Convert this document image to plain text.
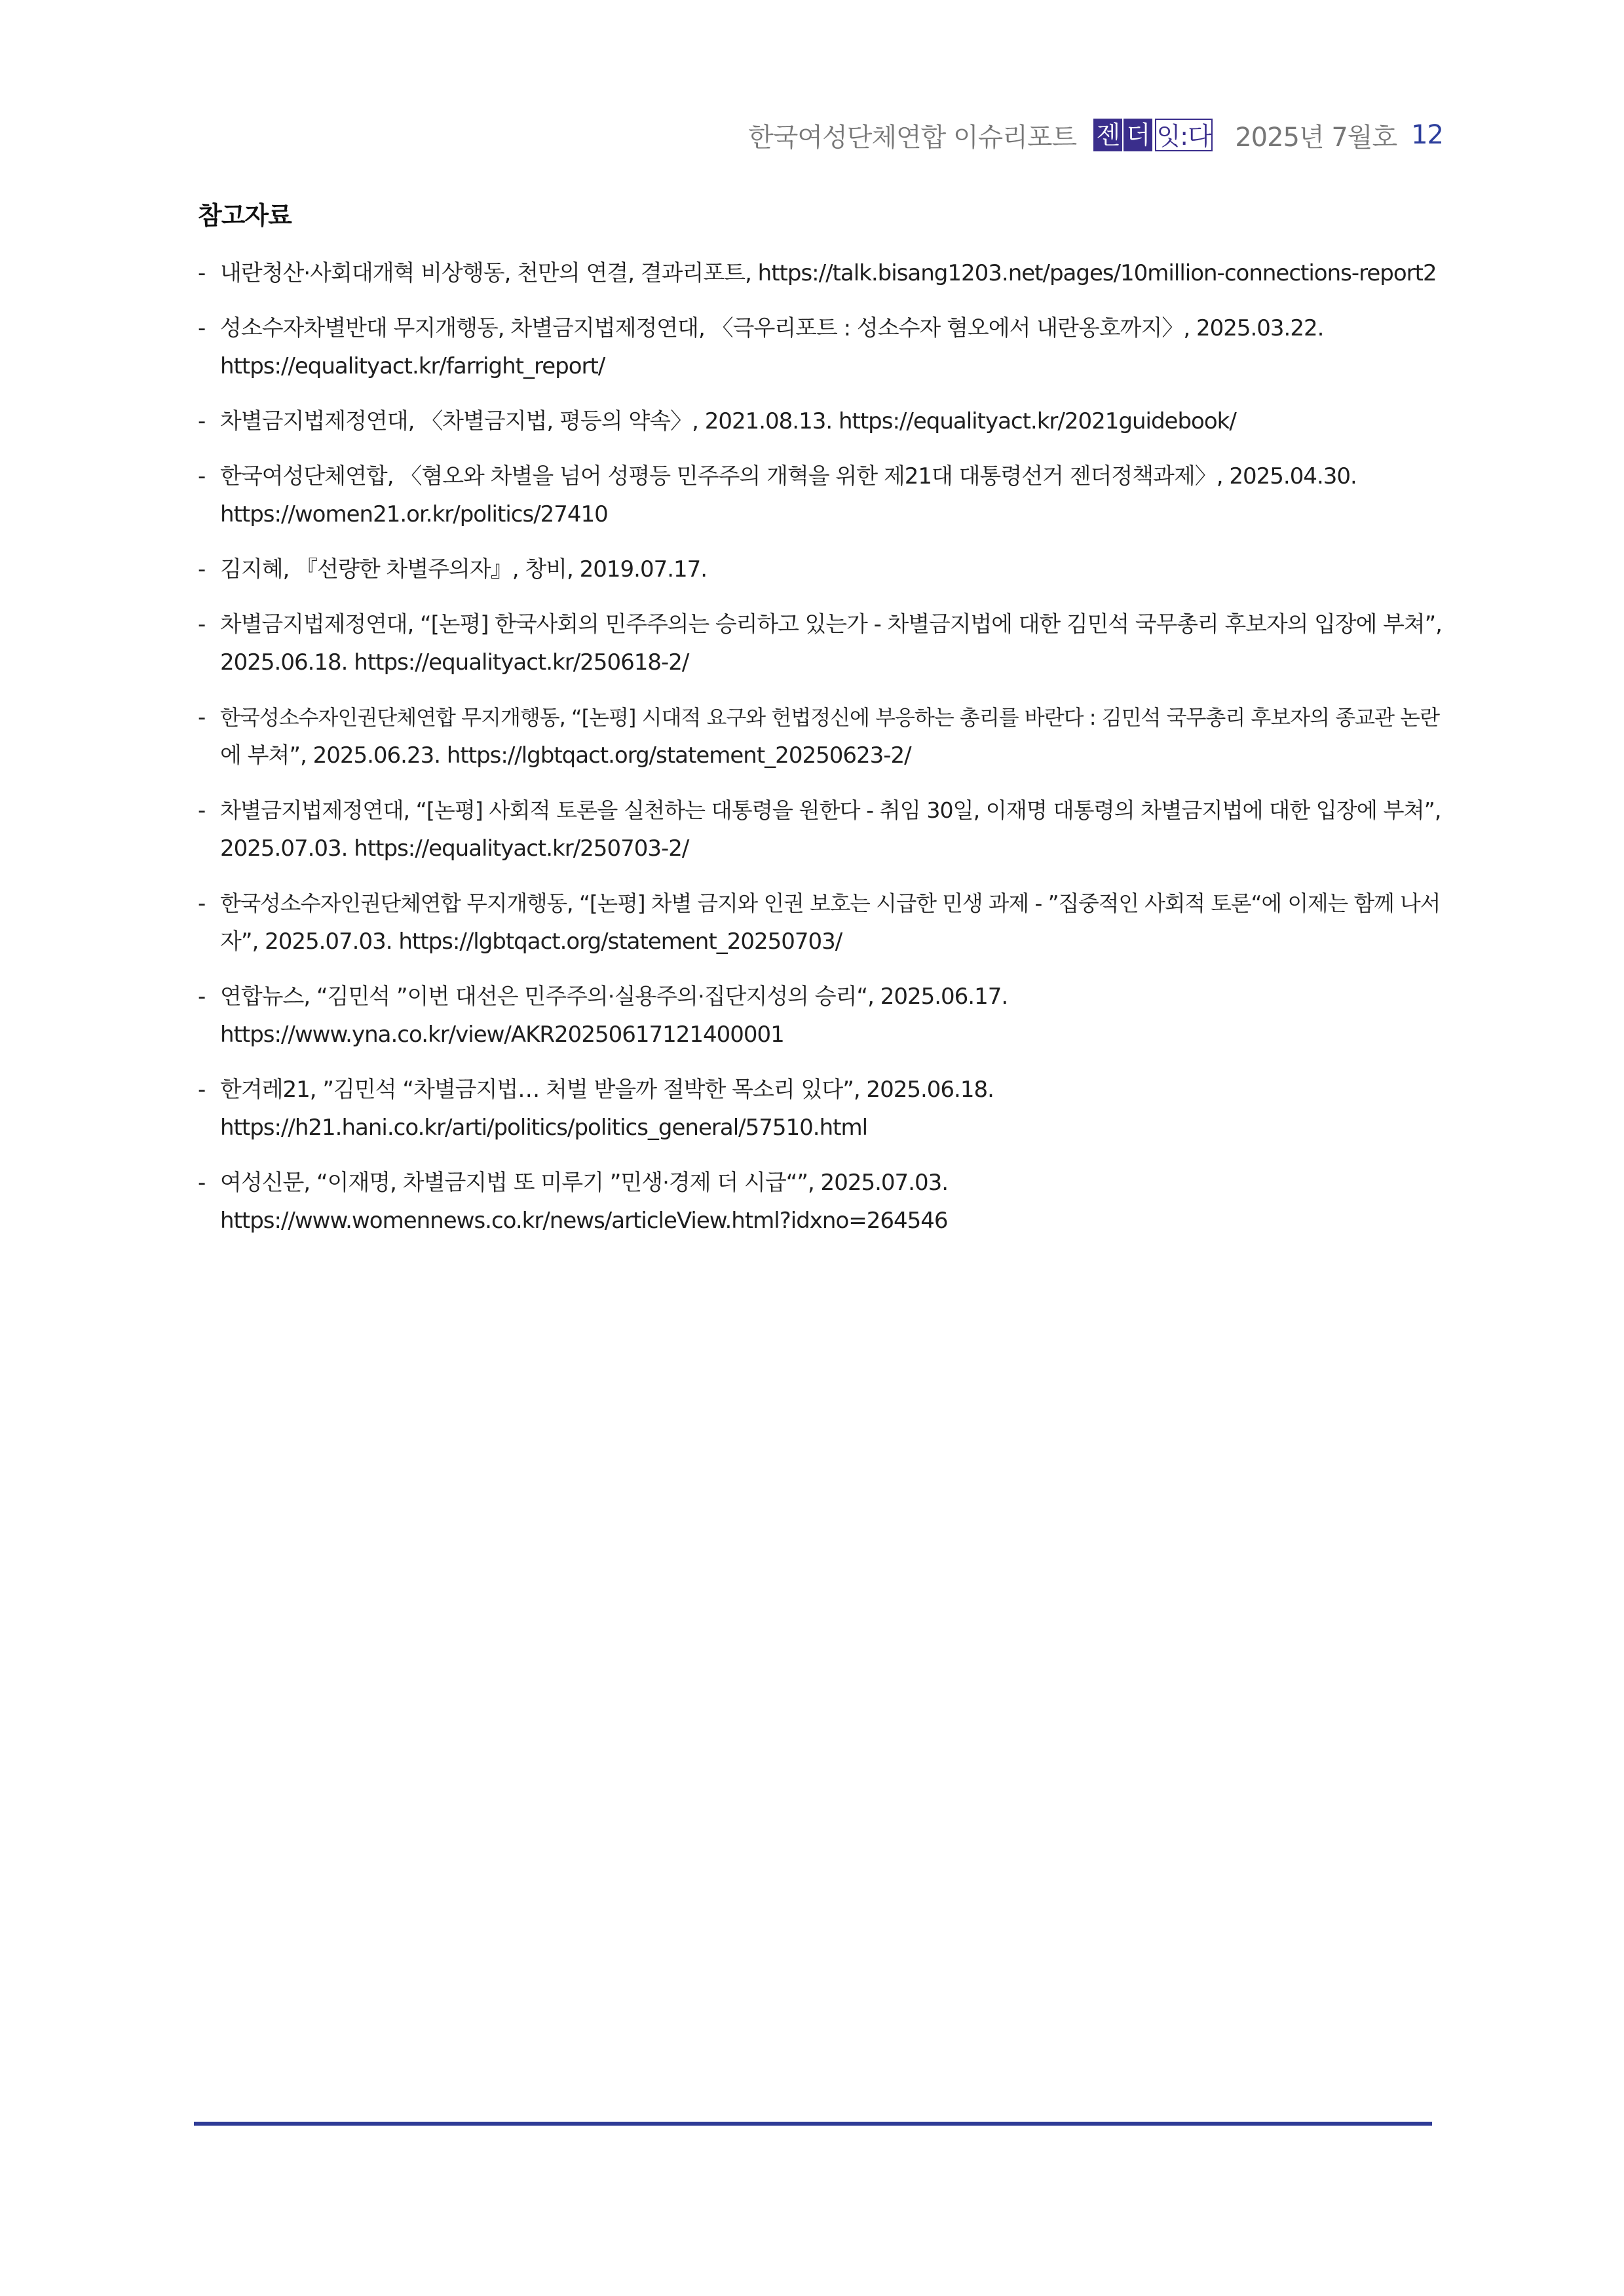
한국여성단체연합 이슈리포트 젠 더 잇:다 2025년 7월호 12
참고자료
- 내란청산·사회대개혁 비상행동, 천만의 연결, 결과리포트, https://talk.bisang1203.net/pages/10million-connections-report2
- 성소수자차별반대 무지개행동, 차별금지법제정연대, 〈극우리포트 : 성소수자 혐오에서 내란옹호까지〉, 2025.03.22.
https://equalityact.kr/farright_report/
- 차별금지법제정연대, 〈차별금지법, 평등의 약속〉, 2021.08.13. https://equalityact.kr/2021guidebook/
- 한국여성단체연합, 〈혐오와 차별을 넘어 성평등 민주주의 개혁을 위한 제21대 대통령선거 젠더정책과제〉, 2025.04.30.
https://women21.or.kr/politics/27410
- 김지혜, 『선량한 차별주의자』, 창비, 2019.07.17.
- 차별금지법제정연대, “[논평] 한국사회의 민주주의는 승리하고 있는가 - 차별금지법에 대한 김민석 국무총리 후보자의 입장에 부쳐”,
2025.06.18. https://equalityact.kr/250618-2/
- 한국성소수자인권단체연합 무지개행동, “[논평] 시대적 요구와 헌법정신에 부응하는 총리를 바란다 : 김민석 국무총리 후보자의 종교관 논란
에 부쳐”, 2025.06.23. https://lgbtqact.org/statement_20250623-2/
- 차별금지법제정연대, “[논평] 사회적 토론을 실천하는 대통령을 원한다 - 취임 30일, 이재명 대통령의 차별금지법에 대한 입장에 부쳐”,
2025.07.03. https://equalityact.kr/250703-2/
- 한국성소수자인권단체연합 무지개행동, “[논평] 차별 금지와 인권 보호는 시급한 민생 과제 - ”집중적인 사회적 토론“에 이제는 함께 나서
자”, 2025.07.03. https://lgbtqact.org/statement_20250703/
- 연합뉴스, “김민석 ”이번 대선은 민주주의·실용주의·집단지성의 승리“, 2025.06.17.
https://www.yna.co.kr/view/AKR20250617121400001
- 한겨레21, ”김민석 “차별금지법… 처벌 받을까 절박한 목소리 있다”, 2025.06.18.
https://h21.hani.co.kr/arti/politics/politics_general/57510.html
- 여성신문, “이재명, 차별금지법 또 미루기 ”민생·경제 더 시급“”, 2025.07.03.
https://www.womennews.co.kr/news/articleView.html?idxno=264546
